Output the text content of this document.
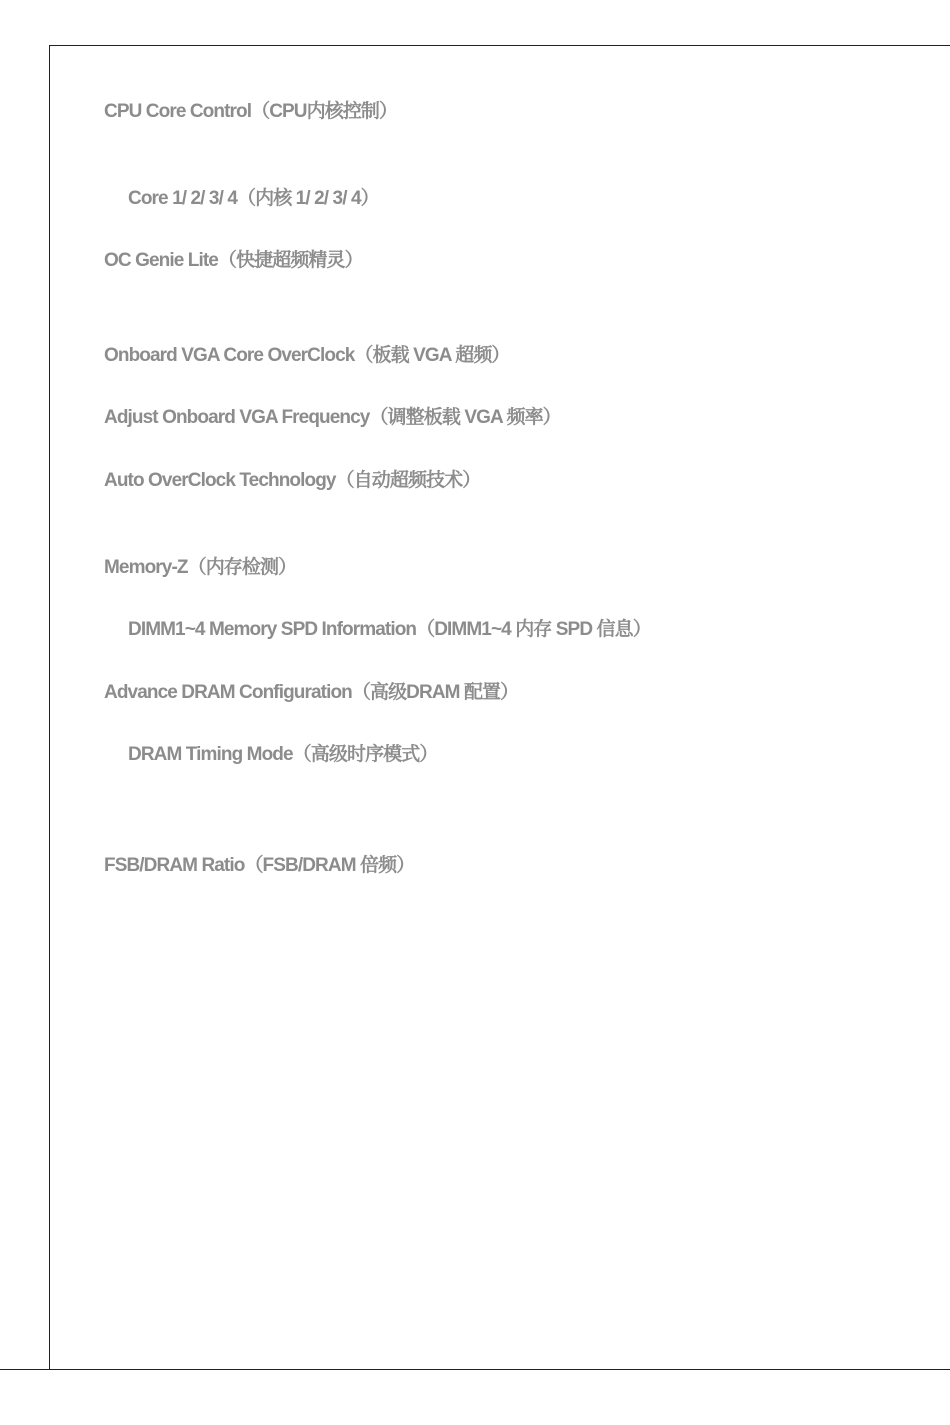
CPU Core Control（CPU内核控制）
Core 1/ 2/ 3/ 4（内核 1/ 2/ 3/ 4）
OC Genie Lite（快捷超频精灵）
Onboard VGA Core OverClock（板载 VGA 超频）
Adjust Onboard VGA Frequency（调整板载 VGA 频率）
Auto OverClock Technology（自动超频技术）
Memory-Z（内存检测）
DIMM1~4 Memory SPD Information（DIMM1~4 内存 SPD 信息）
Advance DRAM Configuration（高级DRAM 配置）
DRAM Timing Mode（高级时序模式）
FSB/DRAM Ratio（FSB/DRAM 倍频）
